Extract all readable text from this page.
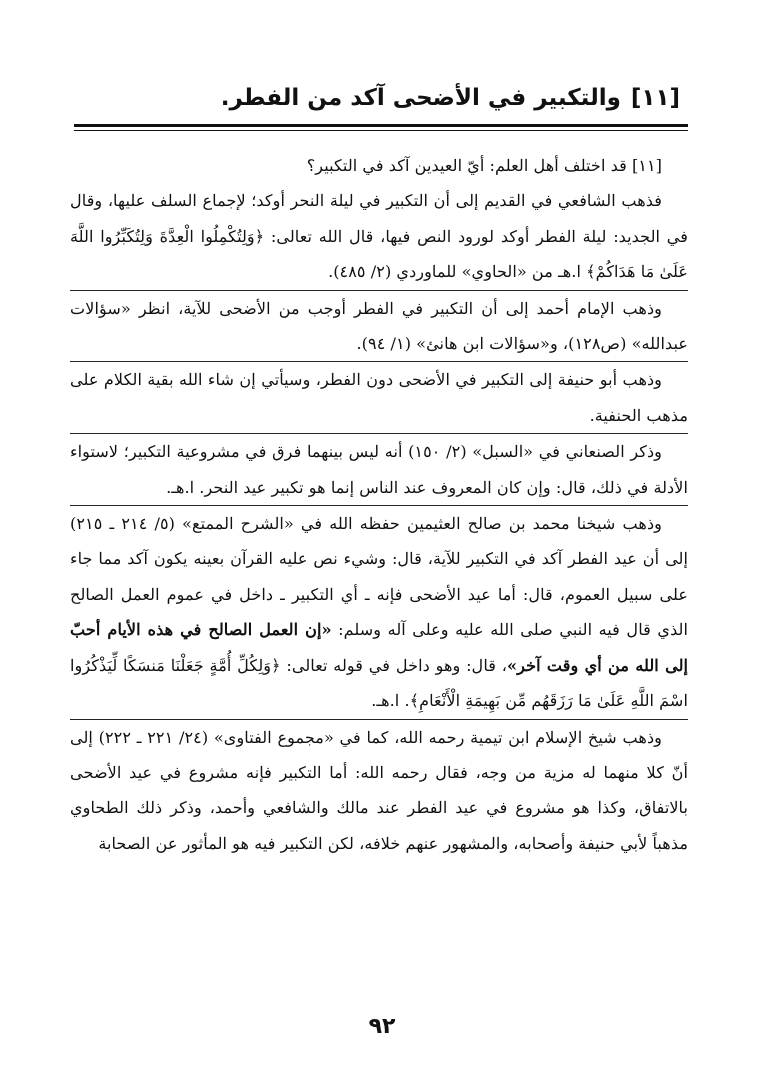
[١١]
والتكبير في الأضحى آكد من الفطر.

[١١] قد اختلف أهل العلم: أيّ العيدين آكد في التكبير؟

فذهب الشافعي في القديم إلى أن التكبير في ليلة النحر أوكد؛ لإجماع السلف عليها، وقال في الجديد: ليلة الفطر أوكد لورود النص فيها، قال الله تعالى: ﴿وَلِتُكْمِلُوا الْعِدَّةَ وَلِتُكَبِّرُوا اللَّهَ عَلَىٰ مَا هَدَاكُمْ﴾ ا.هـ من «الحاوي» للماوردي (٢/ ٤٨٥).

وذهب الإمام أحمد إلى أن التكبير في الفطر أوجب من الأضحى للآية، انظر «سؤالات عبدالله» (ص١٢٨)، و«سؤالات ابن هانئ» (١/ ٩٤).

وذهب أبو حنيفة إلى التكبير في الأضحى دون الفطر، وسيأتي إن شاء الله بقية الكلام على مذهب الحنفية.

وذكر الصنعاني في «السبل» (٢/ ١٥٠) أنه ليس بينهما فرق في مشروعية التكبير؛ لاستواء الأدلة في ذلك، قال: وإن كان المعروف عند الناس إنما هو تكبير عيد النحر. ا.هـ.

وذهب شيخنا محمد بن صالح العثيمين حفظه الله في «الشرح الممتع» (٥/ ٢١٤ ـ ٢١٥) إلى أن عيد الفطر آكد في التكبير للآية، قال: وشيء نص عليه القرآن بعينه يكون آكد مما جاء على سبيل العموم، قال: أما عيد الأضحى فإنه ـ أي التكبير ـ داخل في عموم العمل الصالح الذي قال فيه النبي صلى الله عليه وعلى آله وسلم: «إن العمل الصالح في هذه الأيام أحبّ إلى الله من أي وقت آخر»، قال: وهو داخل في قوله تعالى: ﴿وَلِكُلِّ أُمَّةٍ جَعَلْنَا مَنسَكًا لِّيَذْكُرُوا اسْمَ اللَّهِ عَلَىٰ مَا رَزَقَهُم مِّن بَهِيمَةِ الْأَنْعَامِ﴾. ا.هـ.

وذهب شيخ الإسلام ابن تيمية رحمه الله، كما في «مجموع الفتاوى» (٢٤/ ٢٢١ ـ ٢٢٢) إلى أنّ كلا منهما له مزية من وجه، فقال رحمه الله: أما التكبير فإنه مشروع في عيد الأضحى بالاتفاق، وكذا هو مشروع في عيد الفطر عند مالك والشافعي وأحمد، وذكر ذلك الطحاوي مذهباً لأبي حنيفة وأصحابه، والمشهور عنهم خلافه، لكن التكبير فيه هو المأثور عن الصحابة

٩٢
